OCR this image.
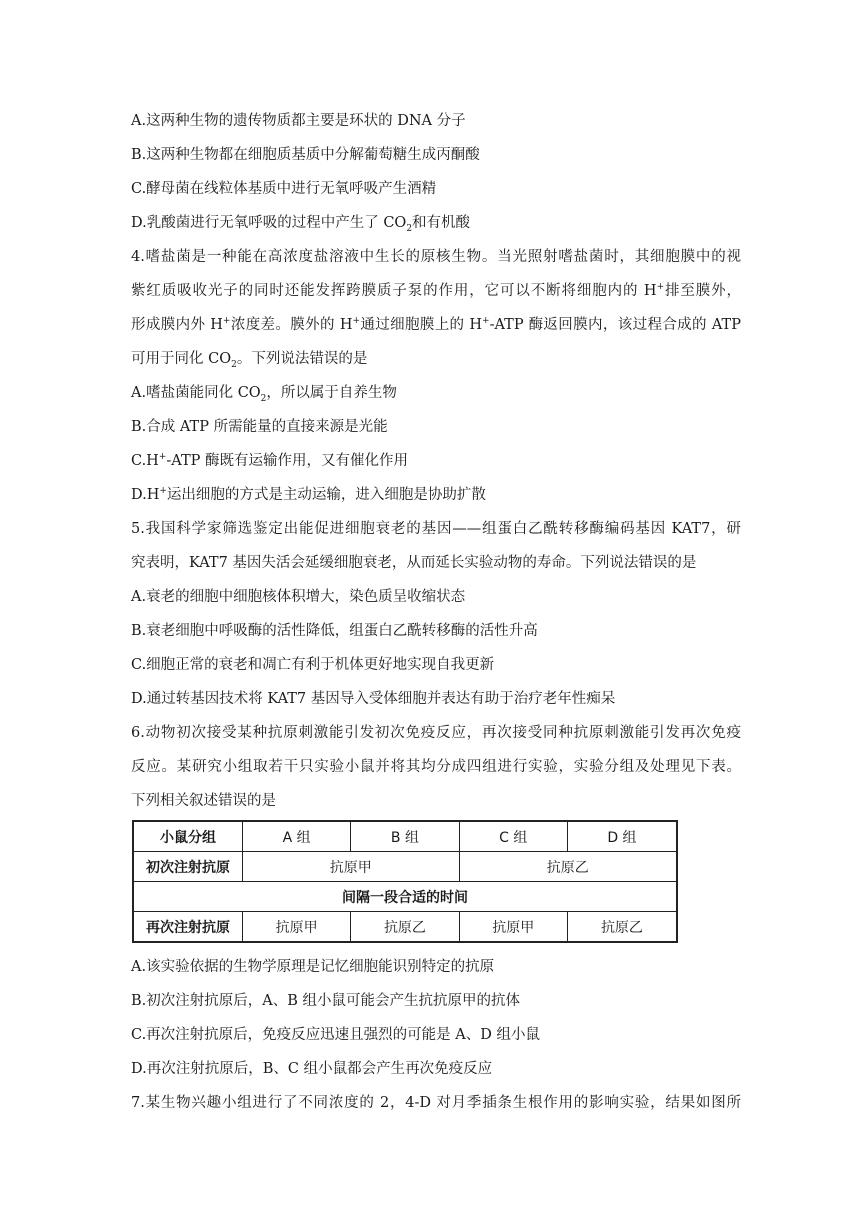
A.这两种生物的遗传物质都主要是环状的 DNA 分子
B.这两种生物都在细胞质基质中分解葡萄糖生成丙酮酸
C.酵母菌在线粒体基质中进行无氧呼吸产生酒精
D.乳酸菌进行无氧呼吸的过程中产生了 $CO_2$和有机酸
4.嗜盐菌是一种能在高浓度盐溶液中生长的原核生物。当光照射嗜盐菌时，其细胞膜中的视
紫红质吸收光子的同时还能发挥跨膜质子泵的作用，它可以不断将细胞内的 H+排至膜外，
形成膜内外 H+浓度差。膜外的 H+通过细胞膜上的 H+-ATP 酶返回膜内，该过程合成的 ATP
可用于同化 $CO_2$。下列说法错误的是
A.嗜盐菌能同化 $CO_2$，所以属于自养生物
B.合成 ATP 所需能量的直接来源是光能
C.H+-ATP 酶既有运输作用，又有催化作用
D.H+运出细胞的方式是主动运输，进入细胞是协助扩散
5.我国科学家筛选鉴定出能促进细胞衰老的基因——组蛋白乙酰转移酶编码基因 KAT7，研
究表明，KAT7 基因失活会延缓细胞衰老，从而延长实验动物的寿命。下列说法错误的是
A.衰老的细胞中细胞核体积增大，染色质呈收缩状态
B.衰老细胞中呼吸酶的活性降低，组蛋白乙酰转移酶的活性升高
C.细胞正常的衰老和凋亡有利于机体更好地实现自我更新
D.通过转基因技术将 KAT7 基因导入受体细胞并表达有助于治疗老年性痴呆
6.动物初次接受某种抗原刺激能引发初次免疫反应，再次接受同种抗原刺激能引发再次免疫
反应。某研究小组取若干只实验小鼠并将其均分成四组进行实验，实验分组及处理见下表。
下列相关叙述错误的是
小鼠分组	A 组	B 组	C 组	D 组
初次注射抗原	抗原甲		抗原乙	
间隔一段合适的时间				
再次注射抗原	抗原甲	抗原乙	抗原甲	抗原乙
A.该实验依据的生物学原理是记忆细胞能识别特定的抗原
B.初次注射抗原后，A、B 组小鼠可能会产生抗抗原甲的抗体
C.再次注射抗原后，免疫反应迅速且强烈的可能是 A、D 组小鼠
D.再次注射抗原后，B、C 组小鼠都会产生再次免疫反应
7.某生物兴趣小组进行了不同浓度的 2，4-D 对月季插条生根作用的影响实验，结果如图所
